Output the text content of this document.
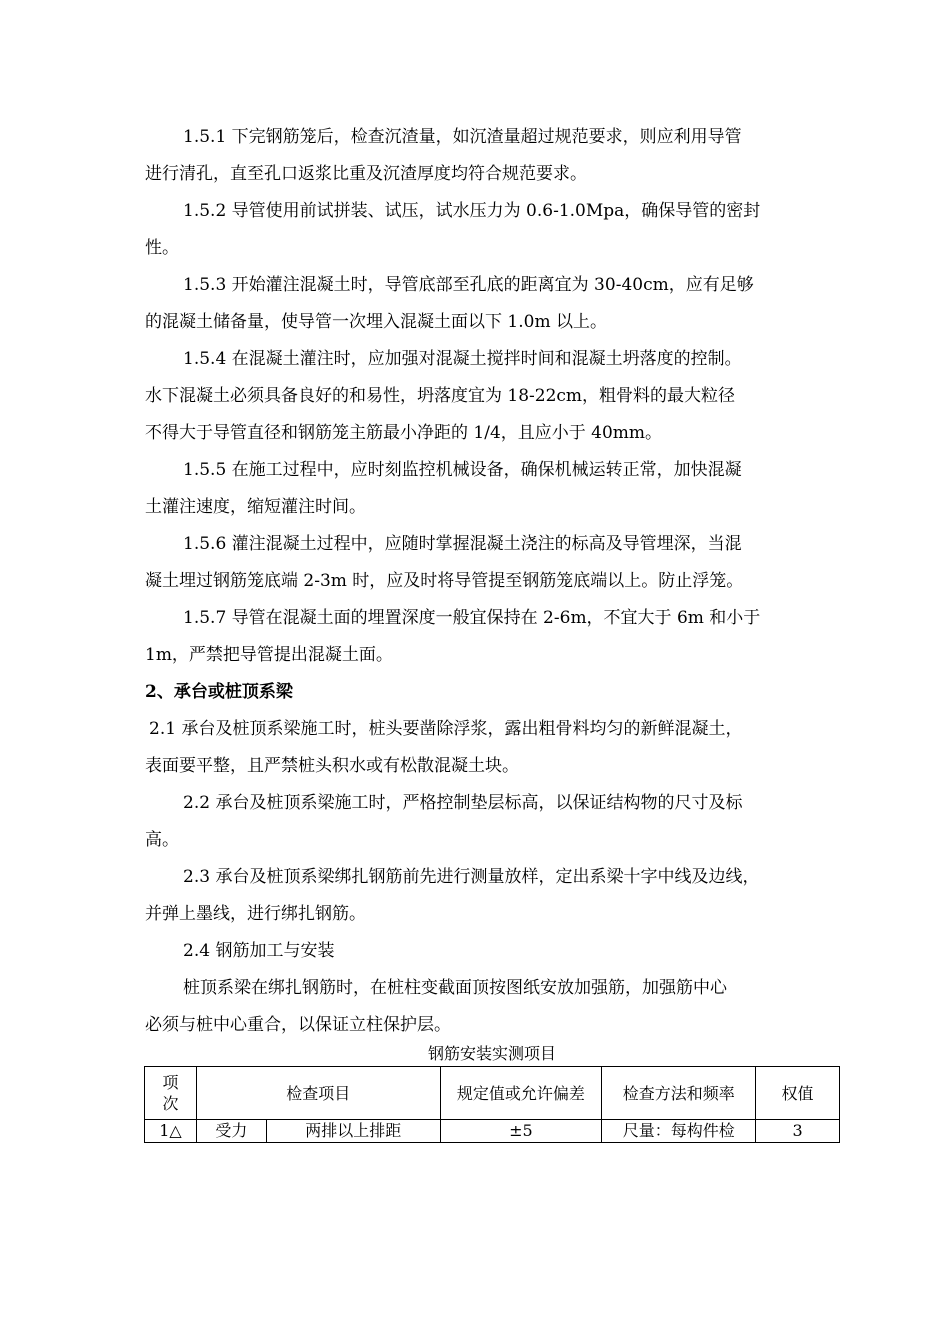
1.5.1 下完钢筋笼后，检查沉渣量，如沉渣量超过规范要求，则应利用导管
进行清孔，直至孔口返浆比重及沉渣厚度均符合规范要求。
1.5.2 导管使用前试拼装、试压，试水压力为 0.6-1.0Mpa，确保导管的密封
性。
1.5.3 开始灌注混凝土时，导管底部至孔底的距离宜为 30-40cm，应有足够
的混凝土储备量，使导管一次埋入混凝土面以下 1.0m 以上。
1.5.4 在混凝土灌注时，应加强对混凝土搅拌时间和混凝土坍落度的控制。
水下混凝土必须具备良好的和易性，坍落度宜为 18-22cm，粗骨料的最大粒径
不得大于导管直径和钢筋笼主筋最小净距的 1/4，且应小于 40mm。
1.5.5 在施工过程中，应时刻监控机械设备，确保机械运转正常，加快混凝
土灌注速度，缩短灌注时间。
1.5.6 灌注混凝土过程中，应随时掌握混凝土浇注的标高及导管埋深，当混
凝土埋过钢筋笼底端 2-3m 时，应及时将导管提至钢筋笼底端以上。防止浮笼。
1.5.7 导管在混凝土面的埋置深度一般宜保持在 2-6m，不宜大于 6m 和小于
1m，严禁把导管提出混凝土面。
2、承台或桩顶系梁
2.1 承台及桩顶系梁施工时，桩头要凿除浮浆，露出粗骨料均匀的新鲜混凝土，
表面要平整，且严禁桩头积水或有松散混凝土块。
2.2 承台及桩顶系梁施工时，严格控制垫层标高，以保证结构物的尺寸及标
高。
2.3 承台及桩顶系梁绑扎钢筋前先进行测量放样，定出系梁十字中线及边线，
并弹上墨线，进行绑扎钢筋。
2.4 钢筋加工与安装
桩顶系梁在绑扎钢筋时，在桩柱变截面顶按图纸安放加强筋，加强筋中心
必须与桩中心重合，以保证立柱保护层。
钢筋安装实测项目
项次	检查项目		规定值或允许偏差	检查方法和频率	权值
1△	受力	两排以上排距	±5	尺量：每构件检	3
